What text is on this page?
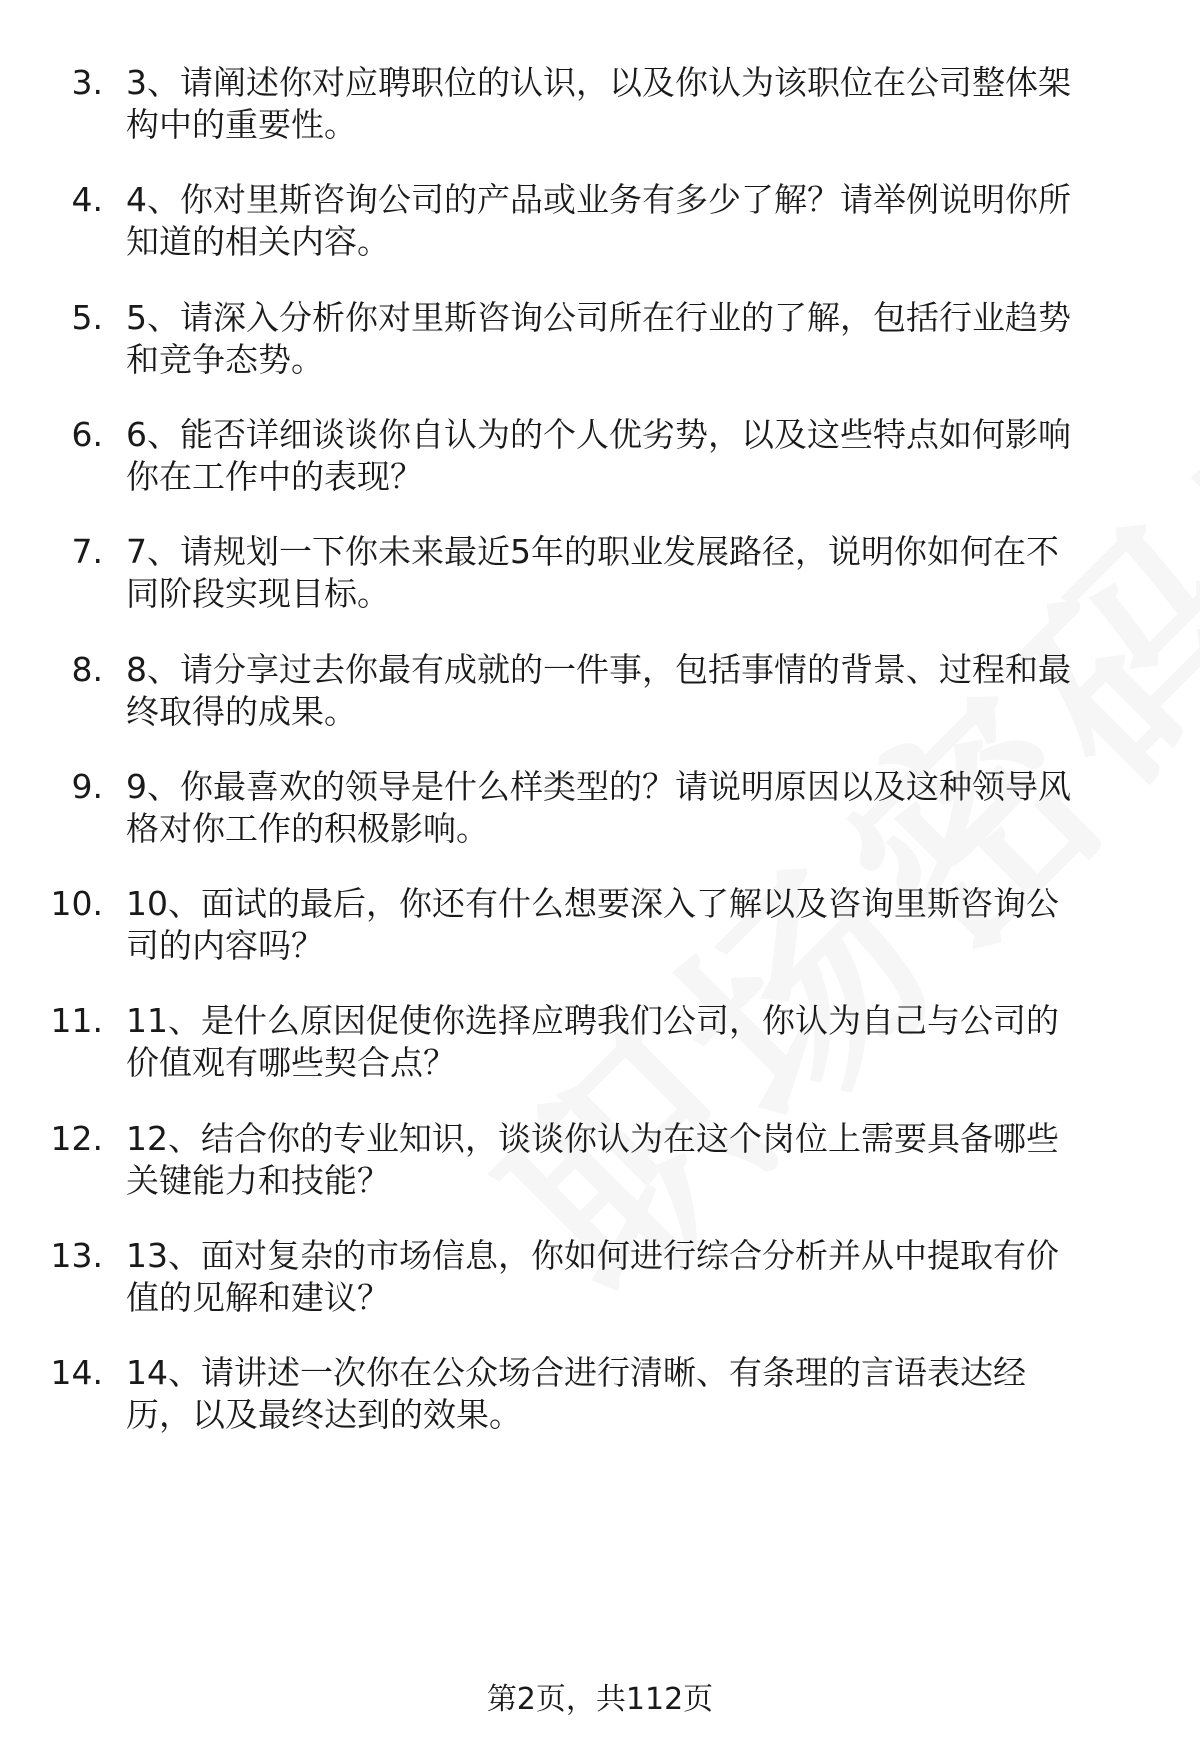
3. 3、请阐述你对应聘职位的认识，以及你认为该职位在公司整体架
构中的重要性。
4. 4、你对里斯咨询公司的产品或业务有多少了解？请举例说明你所
知道的相关内容。
5. 5、请深入分析你对里斯咨询公司所在行业的了解，包括行业趋势
和竞争态势。
6. 6、能否详细谈谈你自认为的个人优劣势，以及这些特点如何影响
你在工作中的表现？
7. 7、请规划一下你未来最近5年的职业发展路径，说明你如何在不
同阶段实现目标。
8. 8、请分享过去你最有成就的一件事，包括事情的背景、过程和最
终取得的成果。
9. 9、你最喜欢的领导是什么样类型的？请说明原因以及这种领导风
格对你工作的积极影响。
10. 10、面试的最后，你还有什么想要深入了解以及咨询里斯咨询公
司的内容吗？
11. 11、是什么原因促使你选择应聘我们公司，你认为自己与公司的
价值观有哪些契合点？
12. 12、结合你的专业知识，谈谈你认为在这个岗位上需要具备哪些
关键能力和技能？
13. 13、面对复杂的市场信息，你如何进行综合分析并从中提取有价
值的见解和建议？
14. 14、请讲述一次你在公众场合进行清晰、有条理的言语表达经
历，以及最终达到的效果。
第2页，共112页
